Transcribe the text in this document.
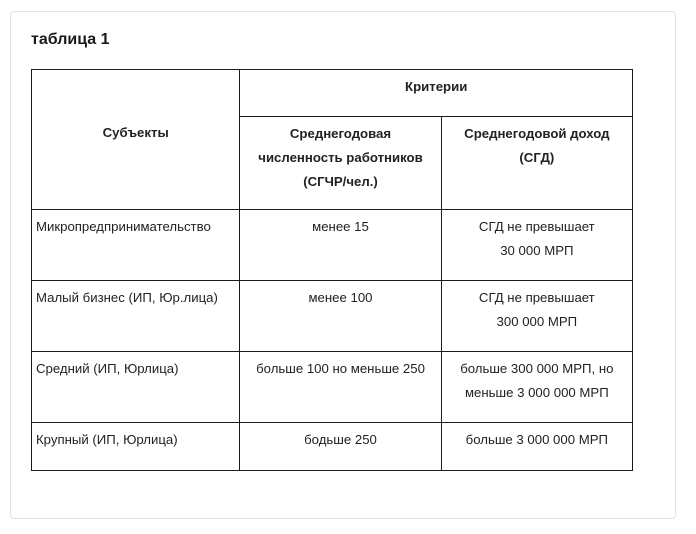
таблица 1
Субъекты	Критерии	

	Среднегодовая
численность работников
(СГЧР/чел.)	Среднегодовой доход
(СГД)

Микропредпринимательство	менее 15	СГД не превышает
30 000 МРП

Малый бизнес (ИП, Юр.лица)	менее 100	СГД не превышает
300 000 МРП

Средний (ИП, Юрлица)	больше 100 но меньше 250	больше 300 000 МРП, но
меньше 3 000 000 МРП

Крупный (ИП, Юрлица)	бодьше 250	больше 3 000 000 МРП
